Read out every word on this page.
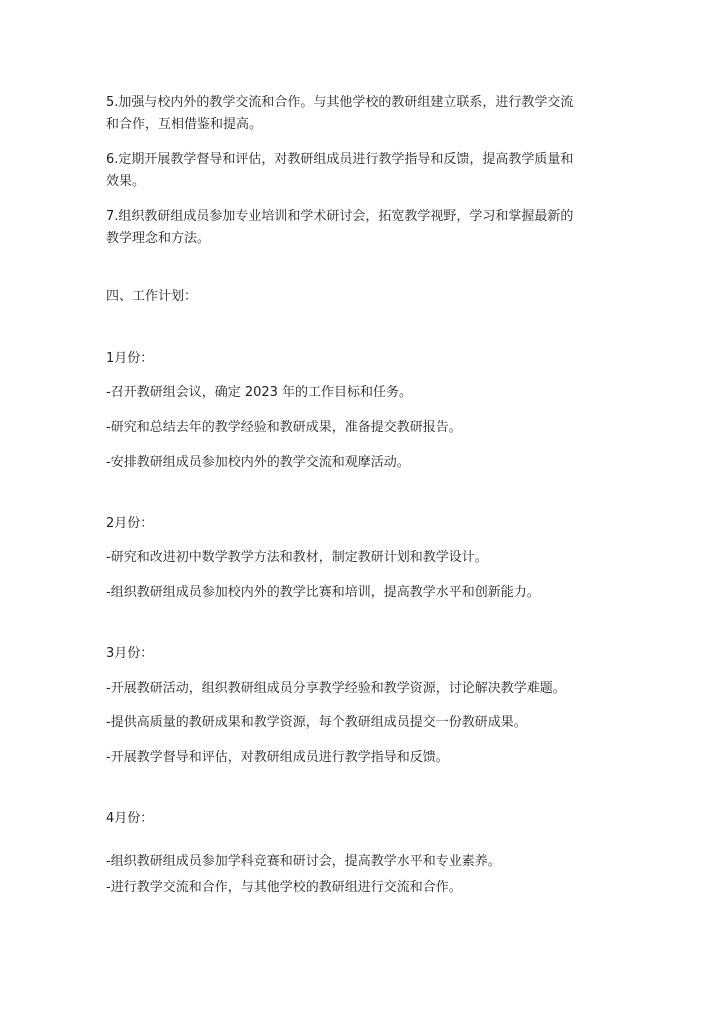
5.加强与校内外的教学交流和合作。与其他学校的教研组建立联系，进行教学交流
和合作，互相借鉴和提高。
6.定期开展教学督导和评估，对教研组成员进行教学指导和反馈，提高教学质量和
效果。
7.组织教研组成员参加专业培训和学术研讨会，拓宽教学视野，学习和掌握最新的
教学理念和方法。
四、工作计划：
1月份：
-召开教研组会议，确定 2023 年的工作目标和任务。
-研究和总结去年的教学经验和教研成果，准备提交教研报告。
-安排教研组成员参加校内外的教学交流和观摩活动。
2月份：
-研究和改进初中数学教学方法和教材，制定教研计划和教学设计。
-组织教研组成员参加校内外的教学比赛和培训，提高教学水平和创新能力。
3月份：
-开展教研活动，组织教研组成员分享教学经验和教学资源，讨论解决教学难题。
-提供高质量的教研成果和教学资源，每个教研组成员提交一份教研成果。
-开展教学督导和评估，对教研组成员进行教学指导和反馈。
4月份：
-组织教研组成员参加学科竞赛和研讨会，提高教学水平和专业素养。
-进行教学交流和合作，与其他学校的教研组进行交流和合作。
